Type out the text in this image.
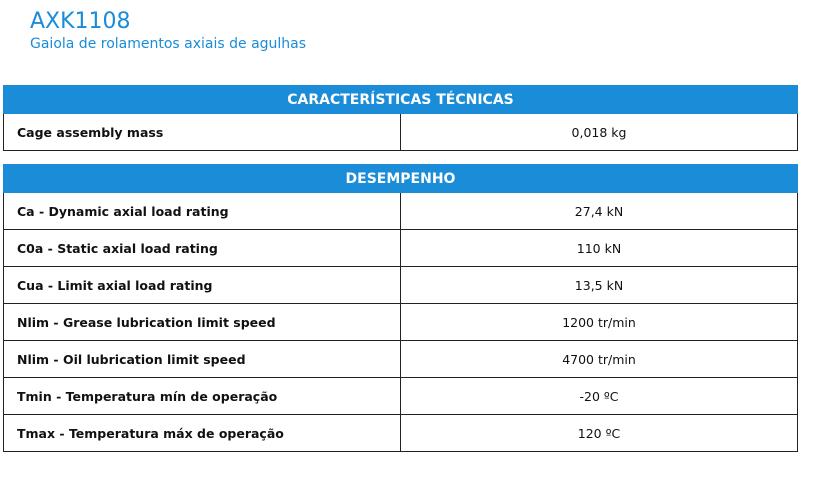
AXK1108
Gaiola de rolamentos axiais de agulhas
CARACTERÍSTICAS TÉCNICAS
Cage assembly mass	0,018 kg
DESEMPENHO	
Ca - Dynamic axial load rating	27,4 kN
C0a - Static axial load rating	110 kN
Cua - Limit axial load rating	13,5 kN
Nlim - Grease lubrication limit speed	1200 tr/min
Nlim - Oil lubrication limit speed	4700 tr/min
Tmin - Temperatura mín de operação	-20 ºC
Tmax - Temperatura máx de operação	120 ºC
